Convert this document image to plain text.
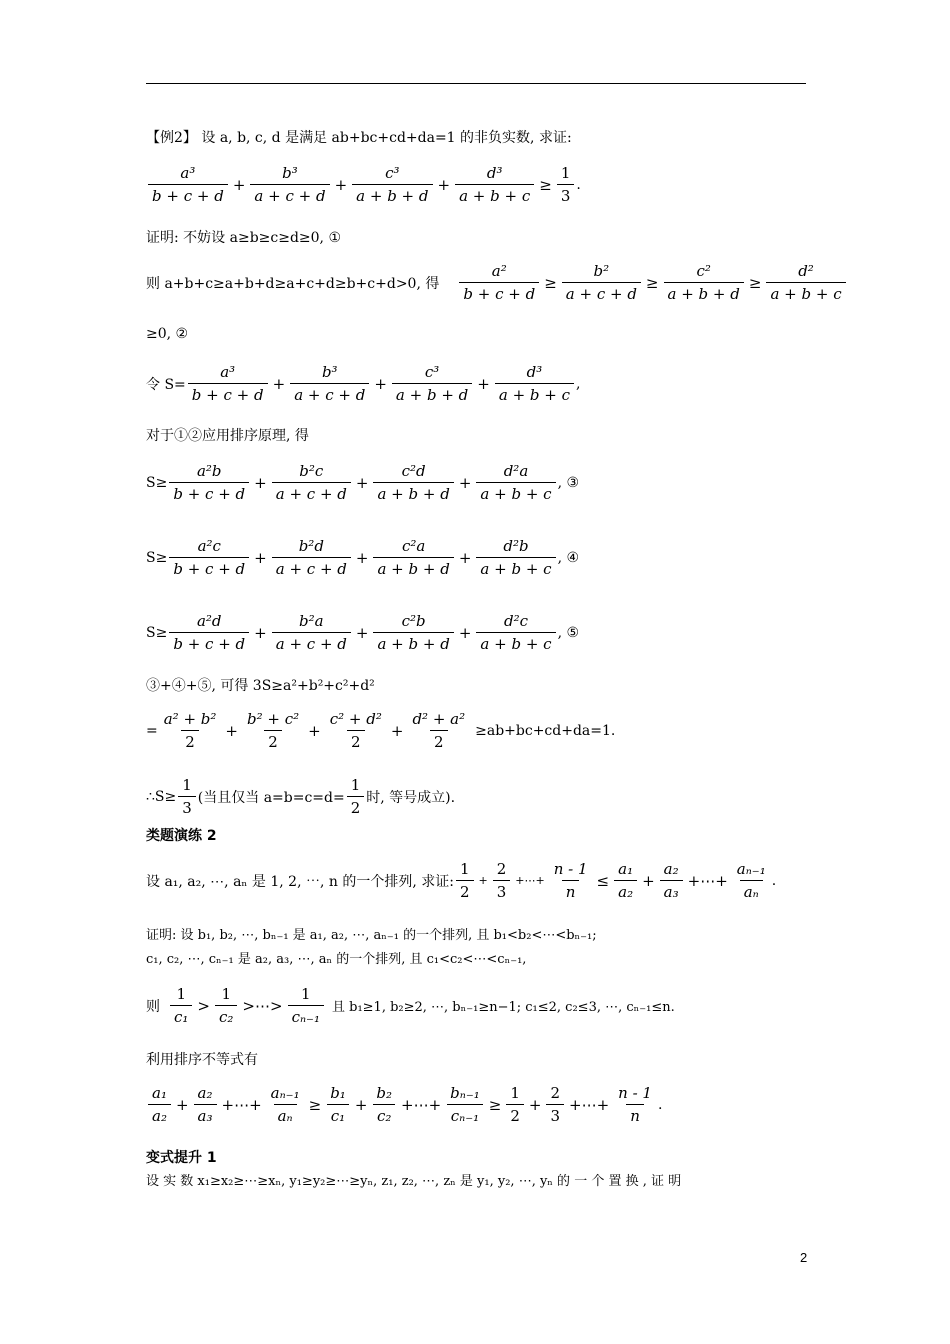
【例2】 设 a, b, c, d 是满足 ab+bc+cd+da=1 的非负实数, 求证:
$\frac{\text{a³}}{b + c + d} + \frac{\text{b³}}{a + c + d} + \frac{\text{c³}}{a + b + d} + \frac{\text{d³}}{a + b + c} \ge \frac{1}{3}$ .
证明: 不妨设 a≥b≥c≥d≥0, ①
则 a+b+c≥a+b+d≥a+c+d≥b+c+d>0, 得 $\frac{\text{a²}}{b + c + d} \ge \frac{\text{b²}}{a + c + d} \ge \frac{\text{c²}}{a + b + d} \ge \frac{\text{d²}}{a + b + c}$
≥0, ②
令 $S= \frac{\text{a³}}{b + c + d} + \frac{\text{b³}}{a + c + d} + \frac{\text{c³}}{a + b + d} + \frac{\text{d³}}{a + b + c}$ ,
对于①②应用排序原理, 得
$S\ge \frac{\text{a²b}}{b + c + d} + \frac{\text{b²c}}{a + c + d} + \frac{\text{c²d}}{a + b + d} + \frac{\text{d²a}}{a + b + c}$ , ③
$S\ge \frac{\text{a²c}}{b + c + d} + \frac{\text{b²d}}{a + c + d} + \frac{\text{c²a}}{a + b + d} + \frac{\text{d²b}}{a + b + c}$ , ④
$S\ge \frac{\text{a²d}}{b + c + d} + \frac{\text{b²a}}{a + c + d} + \frac{\text{c²b}}{a + b + d} + \frac{\text{d²c}}{a + b + c}$ , ⑤
③+④+⑤, 可得 3S≥a²+b²+c²+d²
= $\frac{\text{a² + b²}}{2} + \frac{\text{b² + c²}}{2} + \frac{\text{c² + d²}}{2} + \frac{\text{d² + a²}}{2} \ge ab+bc+cd+da=1$.
∴S≥ $\frac{1}{3}$ (当且仅当 $a=b=c=d= \frac{1}{2}$ 时, 等号成立).
类题演练 2
设 a₁, a₂, ⋯, aₙ 是 1, 2, ⋯, n 的一个排列, 求证: $\frac{1}{2} + \frac{2}{3}$ +⋯+ $\frac{n - 1}{n} \le \frac{\text{a₁}}{\text{a₂}} + \frac{\text{a₂}}{\text{a₃}}$ +⋯+ $\frac{\text{aₙ₋₁}}{\text{aₙ}}$ .
证明: 设 b₁, b₂, ⋯, bₙ₋₁ 是 a₁, a₂, ⋯, aₙ₋₁ 的一个排列, 且 b₁<b₂<⋯<bₙ₋₁;
c₁, c₂, ⋯, cₙ₋₁ 是 a₂, a₃, ⋯, aₙ 的一个排列, 且 c₁<c₂<⋯<cₙ₋₁,
则 $\frac{1}{\text{c₁}} > \frac{1}{\text{c₂}}$ >⋯> $\frac{1}{\text{cₙ₋₁}}$ 且 b₁≥1, b₂≥2, ⋯, bₙ₋₁≥n−1; c₁≤2, c₂≤3, ⋯, cₙ₋₁≤n.
利用排序不等式有
$\frac{\text{a₁}}{\text{a₂}} + \frac{\text{a₂}}{\text{a₃}}$ +⋯+ $\frac{\text{aₙ₋₁}}{\text{aₙ}} \ge \frac{\text{b₁}}{\text{c₁}} + \frac{\text{b₂}}{\text{c₂}}$ +⋯+ $\frac{\text{bₙ₋₁}}{\text{cₙ₋₁}} \ge \frac{1}{2} + \frac{2}{3}$ +⋯+ $\frac{n - 1}{n}$ .
变式提升 1
设 实 数 x₁≥x₂≥⋯≥xₙ, y₁≥y₂≥⋯≥yₙ, z₁, z₂, ⋯, zₙ 是 y₁, y₂, ⋯, yₙ 的 一 个 置 换 , 证 明
2
